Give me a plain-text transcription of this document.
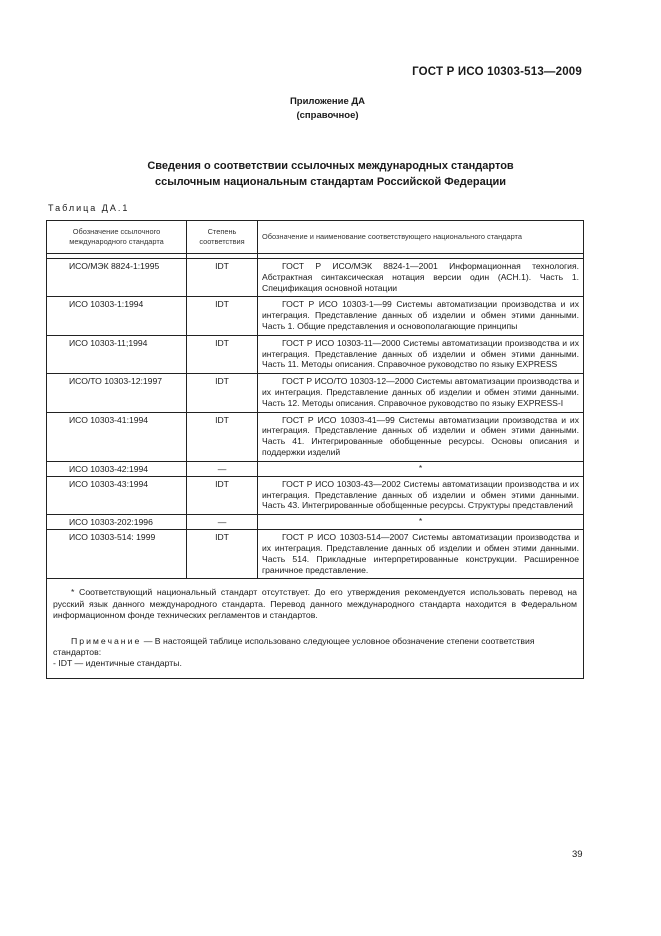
ГОСТ Р ИСО 10303-513—2009
Приложение ДА
(справочное)
Сведения о соответствии ссылочных международных стандартов
ссылочным национальным стандартам Российской Федерации
Таблица ДА.1
Обозначение ссылочного международного стандарта	Степень соответствия	Обозначение и наименование соответствующего национального стандарта

ИСО/МЭК 8824-1:1995	IDT	ГОСТ Р ИСО/МЭК 8824-1—2001 Информационная технология. Абстрактная синтаксическая нотация версии один (АСН.1). Часть 1. Спецификация основной нотации

ИСО 10303-1:1994	IDT	ГОСТ Р ИСО 10303-1—99 Системы автоматизации производства и их интеграция. Представление данных об изделии и обмен этими данными. Часть 1. Общие представления и основополагающие принципы

ИСО 10303-11;1994	IDT	ГОСТ Р ИСО 10303-11—2000 Системы автоматизации производства и их интеграция. Представление данных об изделии и обмен этими данными. Часть 11. Методы описания. Справочное руководство по языку EXPRESS

ИСО/ТО 10303-12:1997	IDT	ГОСТ Р ИСО/ТО 10303-12—2000 Системы автоматизации производства и их интеграция. Представление данных об изделии и обмен этими данными. Часть 12. Методы описания. Справочное руководство по языку EXPRESS-I

ИСО 10303-41:1994	IDT	ГОСТ Р ИСО 10303-41—99 Системы автоматизации производства и их интеграция. Представление данных об изделии и обмен этими данными. Часть 41. Интегрированные обобщенные ресурсы. Основы описания и поддержки изделий

ИСО 10303-42:1994	—	*
ИСО 10303-43:1994	IDT	ГОСТ Р ИСО 10303-43—2002 Системы автоматизации производства и их интеграция. Представление данных об изделии и обмен этими данными. Часть 43. Интегрированные обобщенные ресурсы. Структуры представлений

ИСО 10303-202:1996	—	*
ИСО 10303-514: 1999	IDT	ГОСТ Р ИСО 10303-514—2007 Системы автоматизации производства и их интеграция. Представление данных об изделии и обмен этими данными. Часть 514. Прикладные интерпретированные конструкции. Расширенное граничное представление.

* Соответствующий национальный стандарт отсутствует. До его утверждения рекомендуется использовать перевод на русский язык данного международного стандарта. Перевод данного международного стандарта находится в Федеральном информационном фонде технических регламентов и стандартов.
Примечание — В настоящей таблице использовано следующее условное обозначение степени соответствия стандартов:
- IDT — идентичные стандарты.		
39
